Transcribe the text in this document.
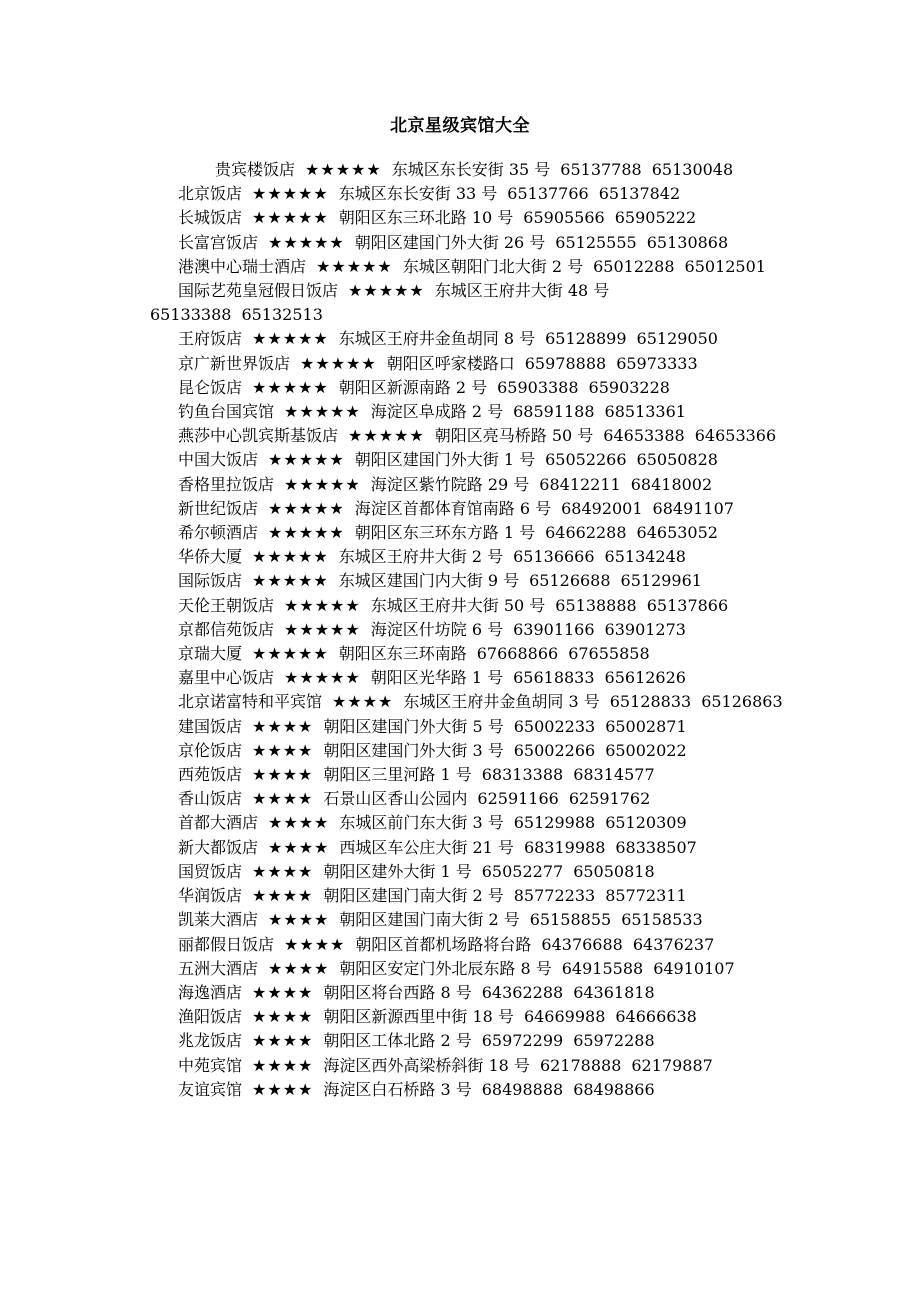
北京星级宾馆大全
贵宾楼饭店 ★★★★★ 东城区东长安街 35 号 65137788 65130048
北京饭店 ★★★★★ 东城区东长安街 33 号 65137766 65137842
长城饭店 ★★★★★ 朝阳区东三环北路 10 号 65905566 65905222
长富宫饭店 ★★★★★ 朝阳区建国门外大街 26 号 65125555 65130868
港澳中心瑞士酒店 ★★★★★ 东城区朝阳门北大街 2 号 65012288 65012501
国际艺苑皇冠假日饭店 ★★★★★ 东城区王府井大街 48 号65133388 65132513
王府饭店 ★★★★★ 东城区王府井金鱼胡同 8 号 65128899 65129050
京广新世界饭店 ★★★★★ 朝阳区呼家楼路口 65978888 65973333
昆仑饭店 ★★★★★ 朝阳区新源南路 2 号 65903388 65903228
钓鱼台国宾馆 ★★★★★ 海淀区阜成路 2 号 68591188 68513361
燕莎中心凯宾斯基饭店 ★★★★★ 朝阳区亮马桥路 50 号 64653388 64653366
中国大饭店 ★★★★★ 朝阳区建国门外大街 1 号 65052266 65050828
香格里拉饭店 ★★★★★ 海淀区紫竹院路 29 号 68412211 68418002
新世纪饭店 ★★★★★ 海淀区首都体育馆南路 6 号 68492001 68491107
希尔顿酒店 ★★★★★ 朝阳区东三环东方路 1 号 64662288 64653052
华侨大厦 ★★★★★ 东城区王府井大街 2 号 65136666 65134248
国际饭店 ★★★★★ 东城区建国门内大街 9 号 65126688 65129961
天伦王朝饭店 ★★★★★ 东城区王府井大街 50 号 65138888 65137866
京都信苑饭店 ★★★★★ 海淀区什坊院 6 号 63901166 63901273
京瑞大厦 ★★★★★ 朝阳区东三环南路 67668866 67655858
嘉里中心饭店 ★★★★★ 朝阳区光华路 1 号 65618833 65612626
北京诺富特和平宾馆 ★★★★ 东城区王府井金鱼胡同 3 号 65128833 65126863
建国饭店 ★★★★ 朝阳区建国门外大街 5 号 65002233 65002871
京伦饭店 ★★★★ 朝阳区建国门外大街 3 号 65002266 65002022
西苑饭店 ★★★★ 朝阳区三里河路 1 号 68313388 68314577
香山饭店 ★★★★ 石景山区香山公园内 62591166 62591762
首都大酒店 ★★★★ 东城区前门东大街 3 号 65129988 65120309
新大都饭店 ★★★★ 西城区车公庄大街 21 号 68319988 68338507
国贸饭店 ★★★★ 朝阳区建外大街 1 号 65052277 65050818
华润饭店 ★★★★ 朝阳区建国门南大街 2 号 85772233 85772311
凯莱大酒店 ★★★★ 朝阳区建国门南大街 2 号 65158855 65158533
丽都假日饭店 ★★★★ 朝阳区首都机场路将台路 64376688 64376237
五洲大酒店 ★★★★ 朝阳区安定门外北辰东路 8 号 64915588 64910107
海逸酒店 ★★★★ 朝阳区将台西路 8 号 64362288 64361818
渔阳饭店 ★★★★ 朝阳区新源西里中街 18 号 64669988 64666638
兆龙饭店 ★★★★ 朝阳区工体北路 2 号 65972299 65972288
中苑宾馆 ★★★★ 海淀区西外高梁桥斜街 18 号 62178888 62179887
友谊宾馆 ★★★★ 海淀区白石桥路 3 号 68498888 68498866
